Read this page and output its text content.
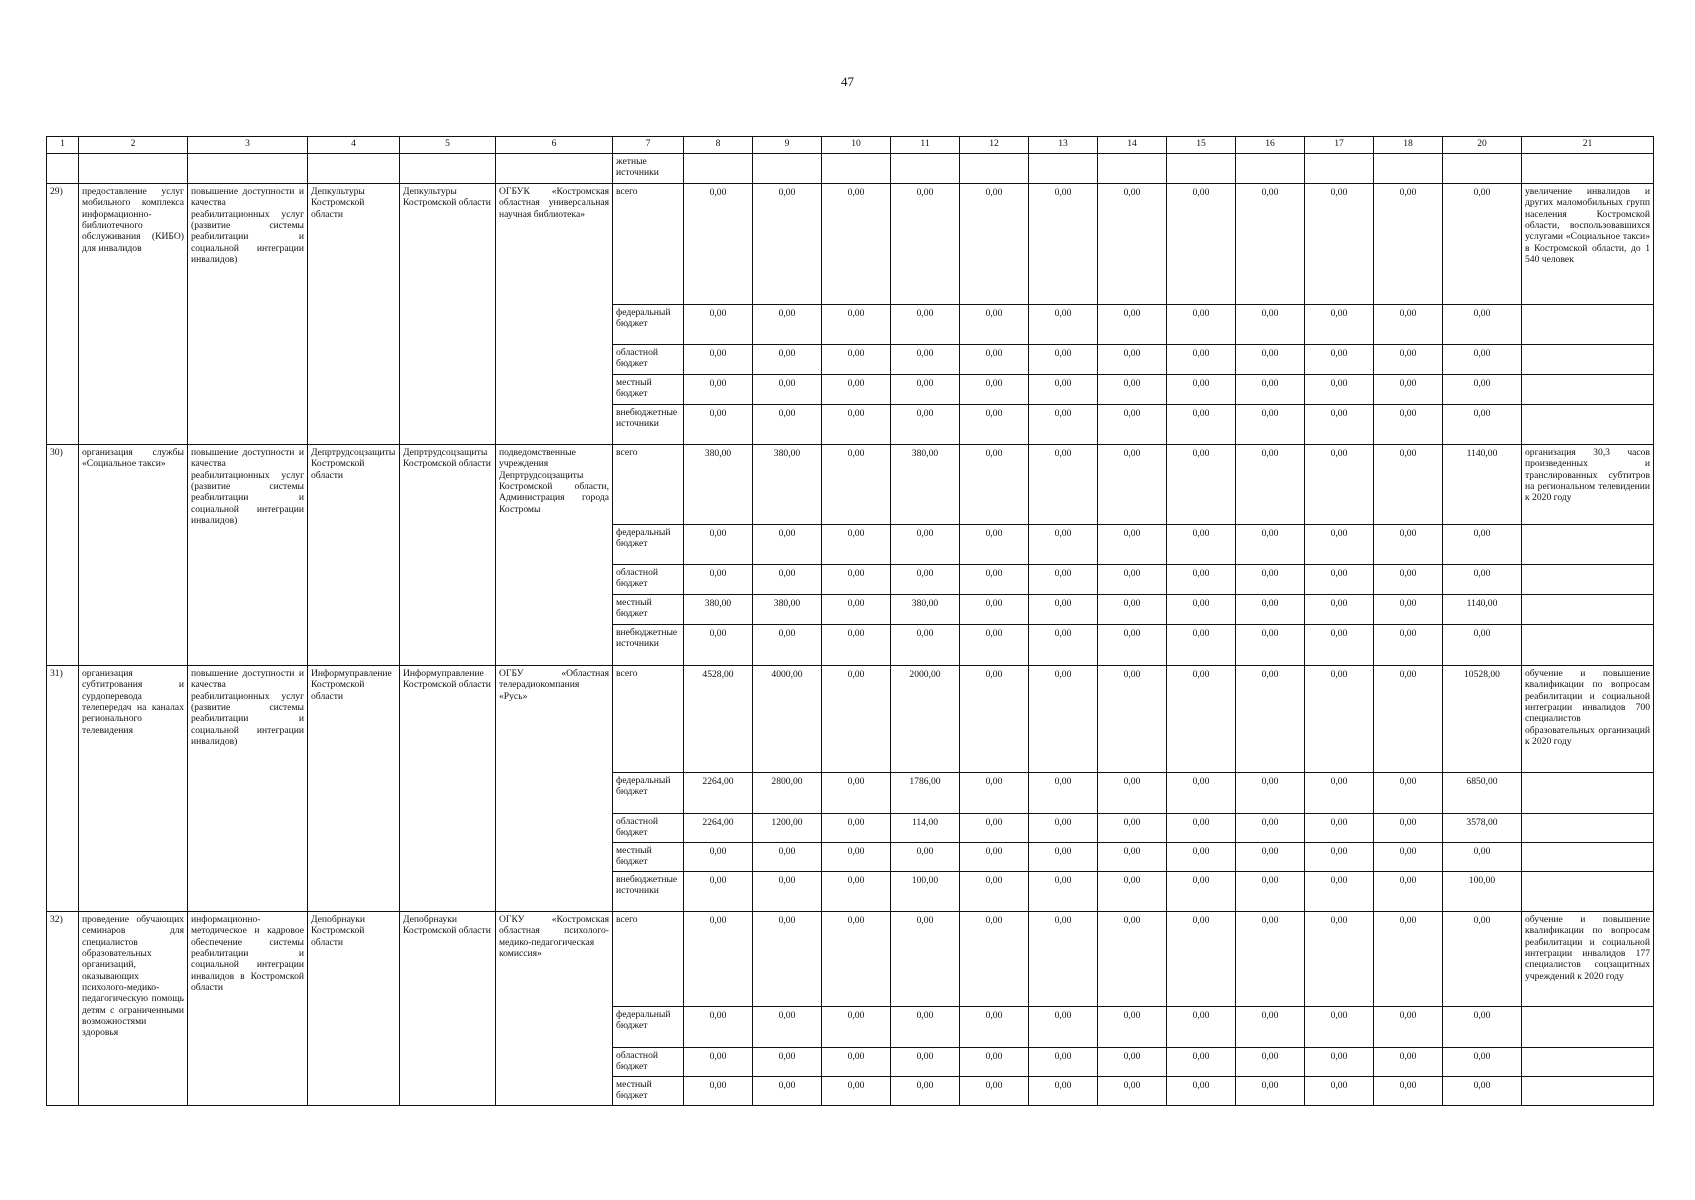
47
1	2	3	4	5	6	7	8	9	10	11	12	13	14	15	16	17	18	20	21
						жетные источники													
29)	предоставление услуг мобильного комплекса информационно-библиотечного обслуживания (КИБО) для инвалидов	повышение доступности и качества реабилитационных услуг (развитие системы реабилитации и социальной интеграции инвалидов)	Депкультуры Костромской области	Депкультуры Костромской области	ОГБУК «Костромская областная универсальная научная библиотека»	всего	0,00	0,00	0,00	0,00	0,00	0,00	0,00	0,00	0,00	0,00	0,00	0,00	увеличение инвалидов и других маломобильных групп населения Костромской области, воспользовавшихся услугами «Социальное такси» в Костромской области, до 1 540 человек
						федеральный бюджет	0,00	0,00	0,00	0,00	0,00	0,00	0,00	0,00	0,00	0,00	0,00	0,00	
						областной бюджет	0,00	0,00	0,00	0,00	0,00	0,00	0,00	0,00	0,00	0,00	0,00	0,00	
						местный бюджет	0,00	0,00	0,00	0,00	0,00	0,00	0,00	0,00	0,00	0,00	0,00	0,00	
						внебюджетные источники	0,00	0,00	0,00	0,00	0,00	0,00	0,00	0,00	0,00	0,00	0,00	0,00	
30)	организация службы «Социальное такси»	повышение доступности и качества реабилитационных услуг (развитие системы реабилитации и социальной интеграции инвалидов)	Депртрудсоцзащиты Костромской области	Депртрудсоцзащиты Костромской области	подведомственные учреждения Депртрудсоцзащиты Костромской области, Администрация города Костромы	всего	380,00	380,00	0,00	380,00	0,00	0,00	0,00	0,00	0,00	0,00	0,00	1140,00	организация 30,3 часов произведенных и транслированных субтитров на региональном телевидении к 2020 году
						федеральный бюджет	0,00	0,00	0,00	0,00	0,00	0,00	0,00	0,00	0,00	0,00	0,00	0,00	
						областной бюджет	0,00	0,00	0,00	0,00	0,00	0,00	0,00	0,00	0,00	0,00	0,00	0,00	
						местный бюджет	380,00	380,00	0,00	380,00	0,00	0,00	0,00	0,00	0,00	0,00	0,00	1140,00	
						внебюджетные источники	0,00	0,00	0,00	0,00	0,00	0,00	0,00	0,00	0,00	0,00	0,00	0,00	
31)	организация субтитрования и сурдоперевода телепередач на каналах регионального телевидения	повышение доступности и качества реабилитационных услуг (развитие системы реабилитации и социальной интеграции инвалидов)	Информуправление Костромской области	Информуправление Костромской области	ОГБУ «Областная телерадиокомпания «Русь»	всего	4528,00	4000,00	0,00	2000,00	0,00	0,00	0,00	0,00	0,00	0,00	0,00	10528,00	обучение и повышение квалификации по вопросам реабилитации и социальной интеграции инвалидов 700 специалистов образовательных организаций к 2020 году
						федеральный бюджет	2264,00	2800,00	0,00	1786,00	0,00	0,00	0,00	0,00	0,00	0,00	0,00	6850,00	
						областной бюджет	2264,00	1200,00	0,00	114,00	0,00	0,00	0,00	0,00	0,00	0,00	0,00	3578,00	
						местный бюджет	0,00	0,00	0,00	0,00	0,00	0,00	0,00	0,00	0,00	0,00	0,00	0,00	
						внебюджетные источники	0,00	0,00	0,00	100,00	0,00	0,00	0,00	0,00	0,00	0,00	0,00	100,00	
32)	проведение обучающих семинаров для специалистов образовательных организаций, оказывающих психолого-медико-педагогическую помощь детям с ограниченными возможностями здоровья	информационно-методическое и кадровое обеспечение системы реабилитации и социальной интеграции инвалидов в Костромской области	Депобрнауки Костромской области	Депобрнауки Костромской области	ОГКУ «Костромская областная психолого-медико-педагогическая комиссия»	всего	0,00	0,00	0,00	0,00	0,00	0,00	0,00	0,00	0,00	0,00	0,00	0,00	обучение и повышение квалификации по вопросам реабилитации и социальной интеграции инвалидов 177 специалистов соцзащитных учреждений к 2020 году
						федеральный бюджет	0,00	0,00	0,00	0,00	0,00	0,00	0,00	0,00	0,00	0,00	0,00	0,00	
						областной бюджет	0,00	0,00	0,00	0,00	0,00	0,00	0,00	0,00	0,00	0,00	0,00	0,00	
						местный бюджет	0,00	0,00	0,00	0,00	0,00	0,00	0,00	0,00	0,00	0,00	0,00	0,00	
